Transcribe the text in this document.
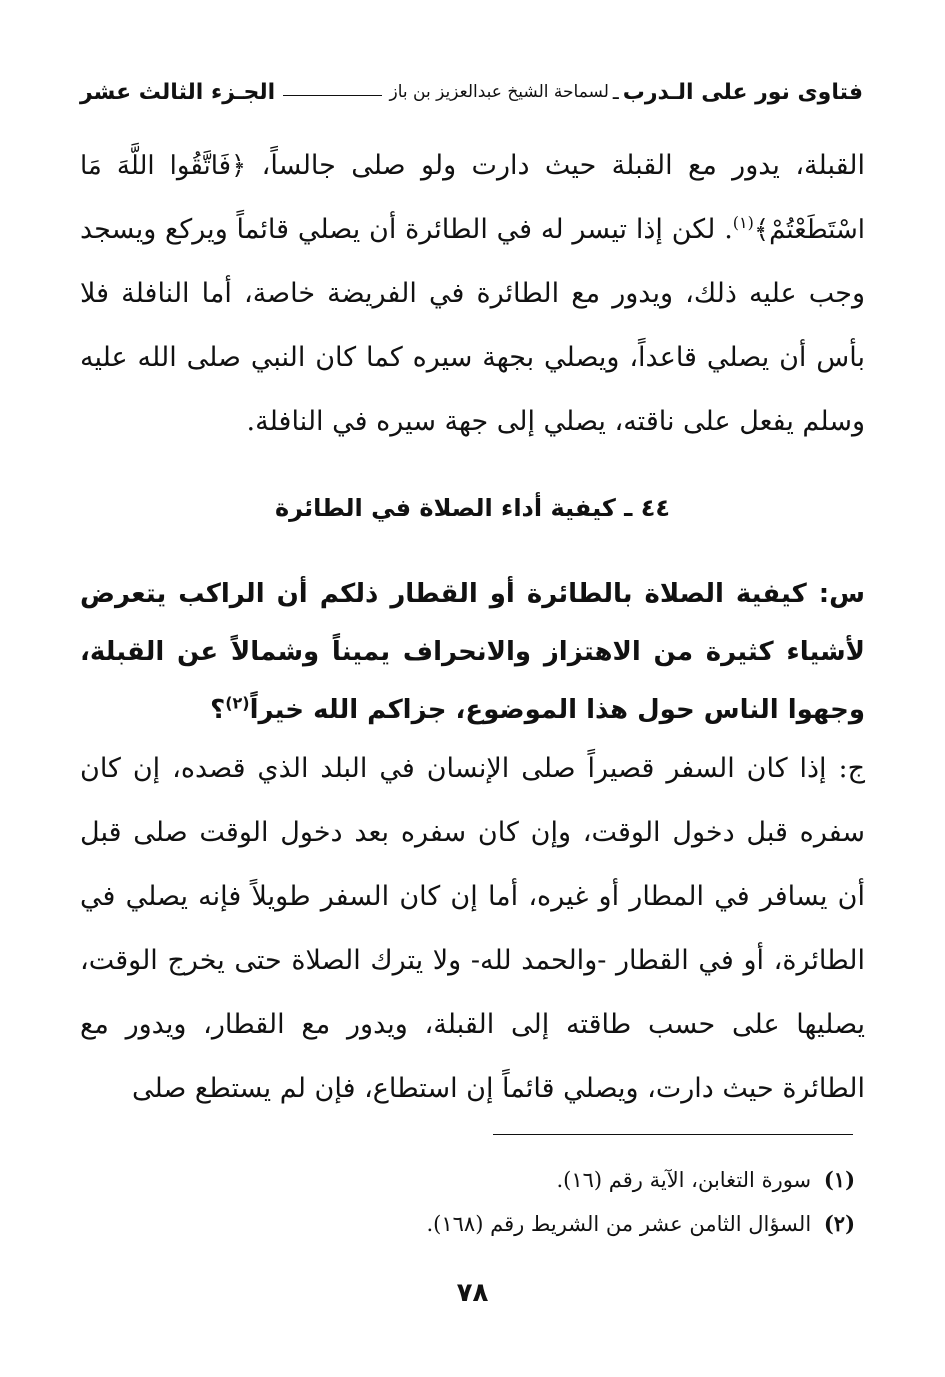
فتاوى نور على الـدرب
ـ
لسماحة الشيخ عبدالعزيز بن باز
الجـزء الثالث عشر
القبلة، يدور مع القبلة حيث دارت ولو صلى جالساً، ﴿فَاتَّقُوا اللَّهَ مَا اسْتَطَعْتُمْ﴾$^{(١)}$. لكن إذا تيسر له في الطائرة أن يصلي قائماً ويركع ويسجد وجب عليه ذلك، ويدور مع الطائرة في الفريضة خاصة، أما النافلة فلا بأس أن يصلي قاعداً، ويصلي بجهة سيره كما كان النبي صلى الله عليه وسلم يفعل على ناقته، يصلي إلى جهة سيره في النافلة.
٤٤ ـ كيفية أداء الصلاة في الطائرة
س: كيفية الصلاة بالطائرة أو القطار ذلكم أن الراكب يتعرض لأشياء كثيرة من الاهتزاز والانحراف يميناً وشمالاً عن القبلة، وجهوا الناس حول هذا الموضوع، جزاكم الله خيراً$^{(٢)}$؟
ج: إذا كان السفر قصيراً صلى الإنسان في البلد الذي قصده، إن كان سفره قبل دخول الوقت، وإن كان سفره بعد دخول الوقت صلى قبل أن يسافر في المطار أو غيره، أما إن كان السفر طويلاً فإنه يصلي في الطائرة، أو في القطار -والحمد لله- ولا يترك الصلاة حتى يخرج الوقت، يصليها على حسب طاقته إلى القبلة، ويدور مع القطار، ويدور مع الطائرة حيث دارت، ويصلي قائماً إن استطاع، فإن لم يستطع صلى
(١) سورة التغابن، الآية رقم (١٦).
(٢) السؤال الثامن عشر من الشريط رقم (١٦٨).
٧٨
